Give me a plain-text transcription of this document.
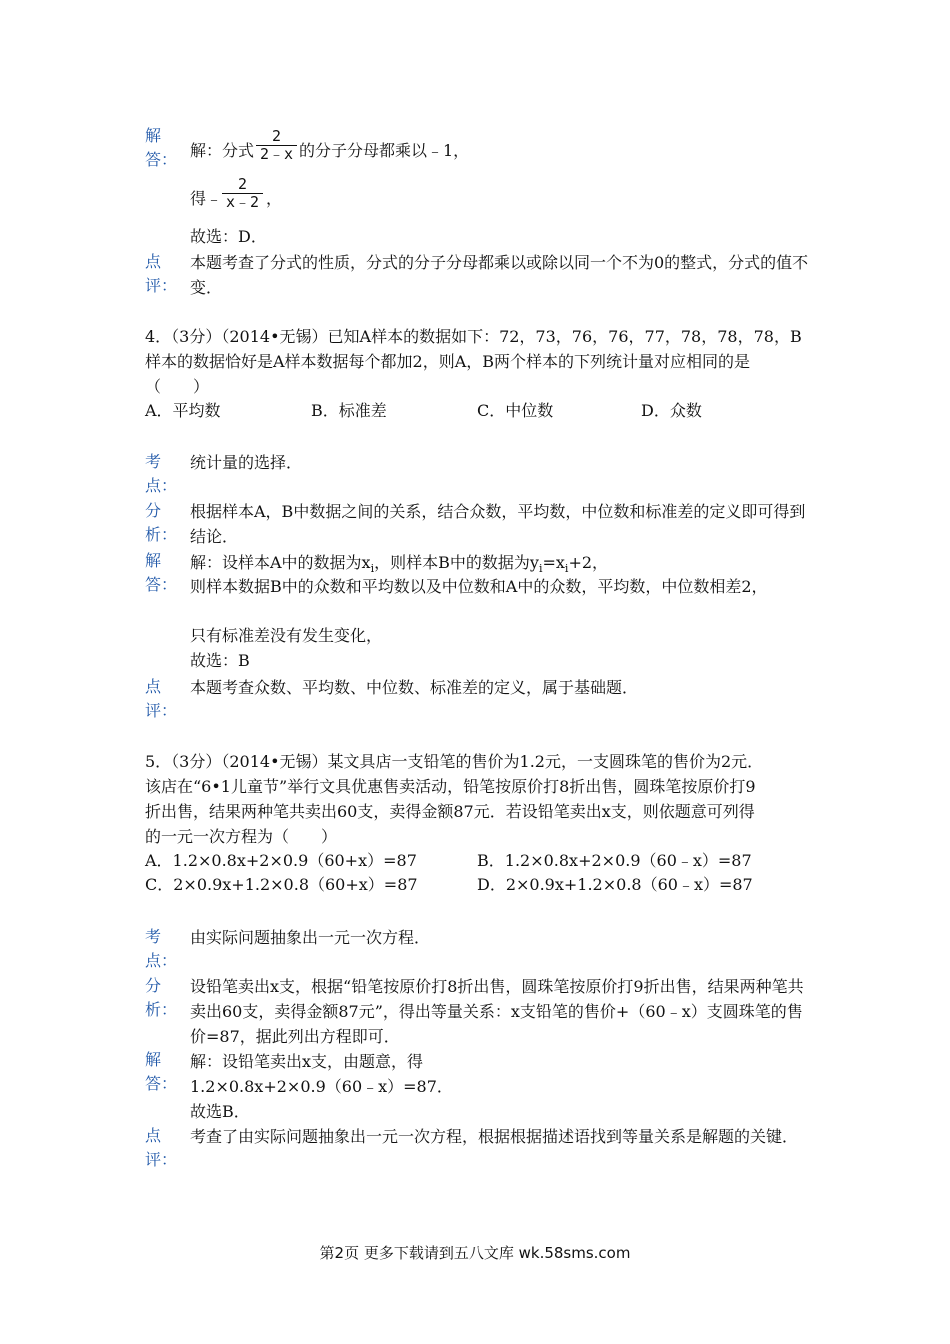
解答： 解：分式
2
2﹣x 的分子分母都乘以﹣1，
得﹣
2
x﹣2 ，
故选：D．
点评：
本题考查了分式的性质，分式的分子分母都乘以或除以同一个不为0的整式，分式的值不变．
4．（3分）（2014•无锡）已知A样本的数据如下：72，73，76，76，77，78，78，78，B
样本的数据恰好是A样本数据每个都加2，则A，B两个样本的下列统计量对应相同的是
（　　）
A．平均数	B．标准差	C．中位数	D．众数
考点：
统计量的选择．
分析：
根据样本A，B中数据之间的关系，结合众数，平均数，中位数和标准差的定义即可得到结论．
解答：
解：设样本A中的数据为$x_i$，则样本B中的数据为$y_i=x_i+2$，
则样本数据B中的众数和平均数以及中位数和A中的众数，平均数，中位数相差2，
只有标准差没有发生变化，
故选：B
点评：
本题考查众数、平均数、中位数、标准差的定义，属于基础题．
5．（3分）（2014•无锡）某文具店一支铅笔的售价为1.2元，一支圆珠笔的售价为2元．
该店在“6•1儿童节”举行文具优惠售卖活动，铅笔按原价打8折出售，圆珠笔按原价打9
折出售，结果两种笔共卖出60支，卖得金额87元．若设铅笔卖出x支，则依题意可列得
的一元一次方程为（　　）
A．1.2×0.8x+2×0.9（60+x）=87	B．1.2×0.8x+2×0.9（60﹣x）=87
C．2×0.9x+1.2×0.8（60+x）=87	D．2×0.9x+1.2×0.8（60﹣x）=87
考点：
由实际问题抽象出一元一次方程．
分析：
设铅笔卖出x支，根据“铅笔按原价打8折出售，圆珠笔按原价打9折出售，结果两种笔共卖出60支，卖得金额87元”，得出等量关系：x支铅笔的售价+（60﹣x）支圆珠笔的售价=87，据此列出方程即可．
解答：
解：设铅笔卖出x支，由题意，得
1.2×0.8x+2×0.9（60﹣x）=87．
故选B．
点评：
考查了由实际问题抽象出一元一次方程，根据根据描述语找到等量关系是解题的关键．
第2页 更多下载请到五八文库 wk.58sms.com
